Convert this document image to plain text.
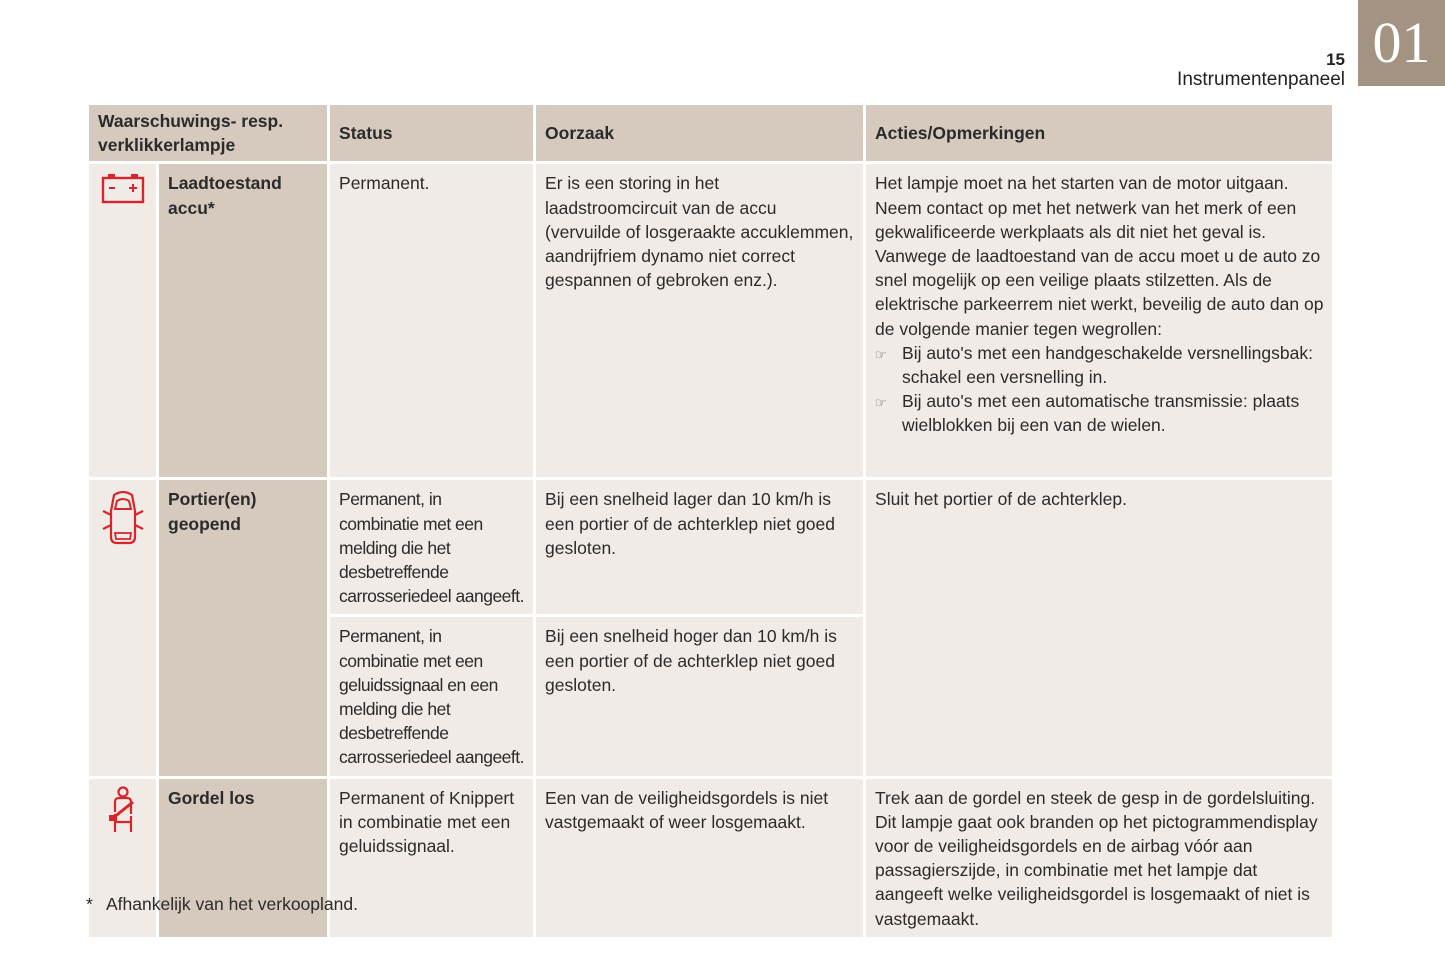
15
Instrumentenpaneel
01
Waarschuwings- resp. verklikkerlampje		Status	Oorzaak	Acties/Opmerkingen

	Laadtoestand accu*	Permanent.	Er is een storing in het laadstroomcircuit van de accu (vervuilde of losgeraakte accuklemmen, aandrijfriem dynamo niet correct gespannen of gebroken enz.).	Het lampje moet na het starten van de motor uitgaan. Neem contact op met het netwerk van het merk of een gekwalificeerde werkplaats als dit niet het geval is. Vanwege de laadtoestand van de accu moet u de auto zo snel mogelijk op een veilige plaats stilzetten. Als de elektrische parkeerrem niet werkt, beveilig de auto dan op de volgende manier tegen wegrollen:
☞ Bij auto's met een handgeschakelde versnellingsbak: schakel een versnelling in.
☞ Bij auto's met een automatische transmissie: plaats wielblokken bij een van de wielen.

	Portier(en) geopend	Permanent, in combinatie met een melding die het desbetreffende carrosseriedeel aangeeft.	Bij een snelheid lager dan 10 km/h is een portier of de achterklep niet goed gesloten.	Sluit het portier of de achterklep.
		Permanent, in combinatie met een geluidssignaal en een melding die het desbetreffende carrosseriedeel aangeeft.	Bij een snelheid hoger dan 10 km/h is een portier of de achterklep niet goed gesloten.	

	Gordel los	Permanent of Knippert in combinatie met een geluidssignaal.	Een van de veiligheidsgordels is niet vastgemaakt of weer losgemaakt.	Trek aan de gordel en steek de gesp in de gordelsluiting. Dit lampje gaat ook branden op het pictogrammendisplay voor de veiligheidsgordels en de airbag vóór aan passagierszijde, in combinatie met het lampje dat aangeeft welke veiligheidsgordel is losgemaakt of niet is vastgemaakt.
* Afhankelijk van het verkoopland.
